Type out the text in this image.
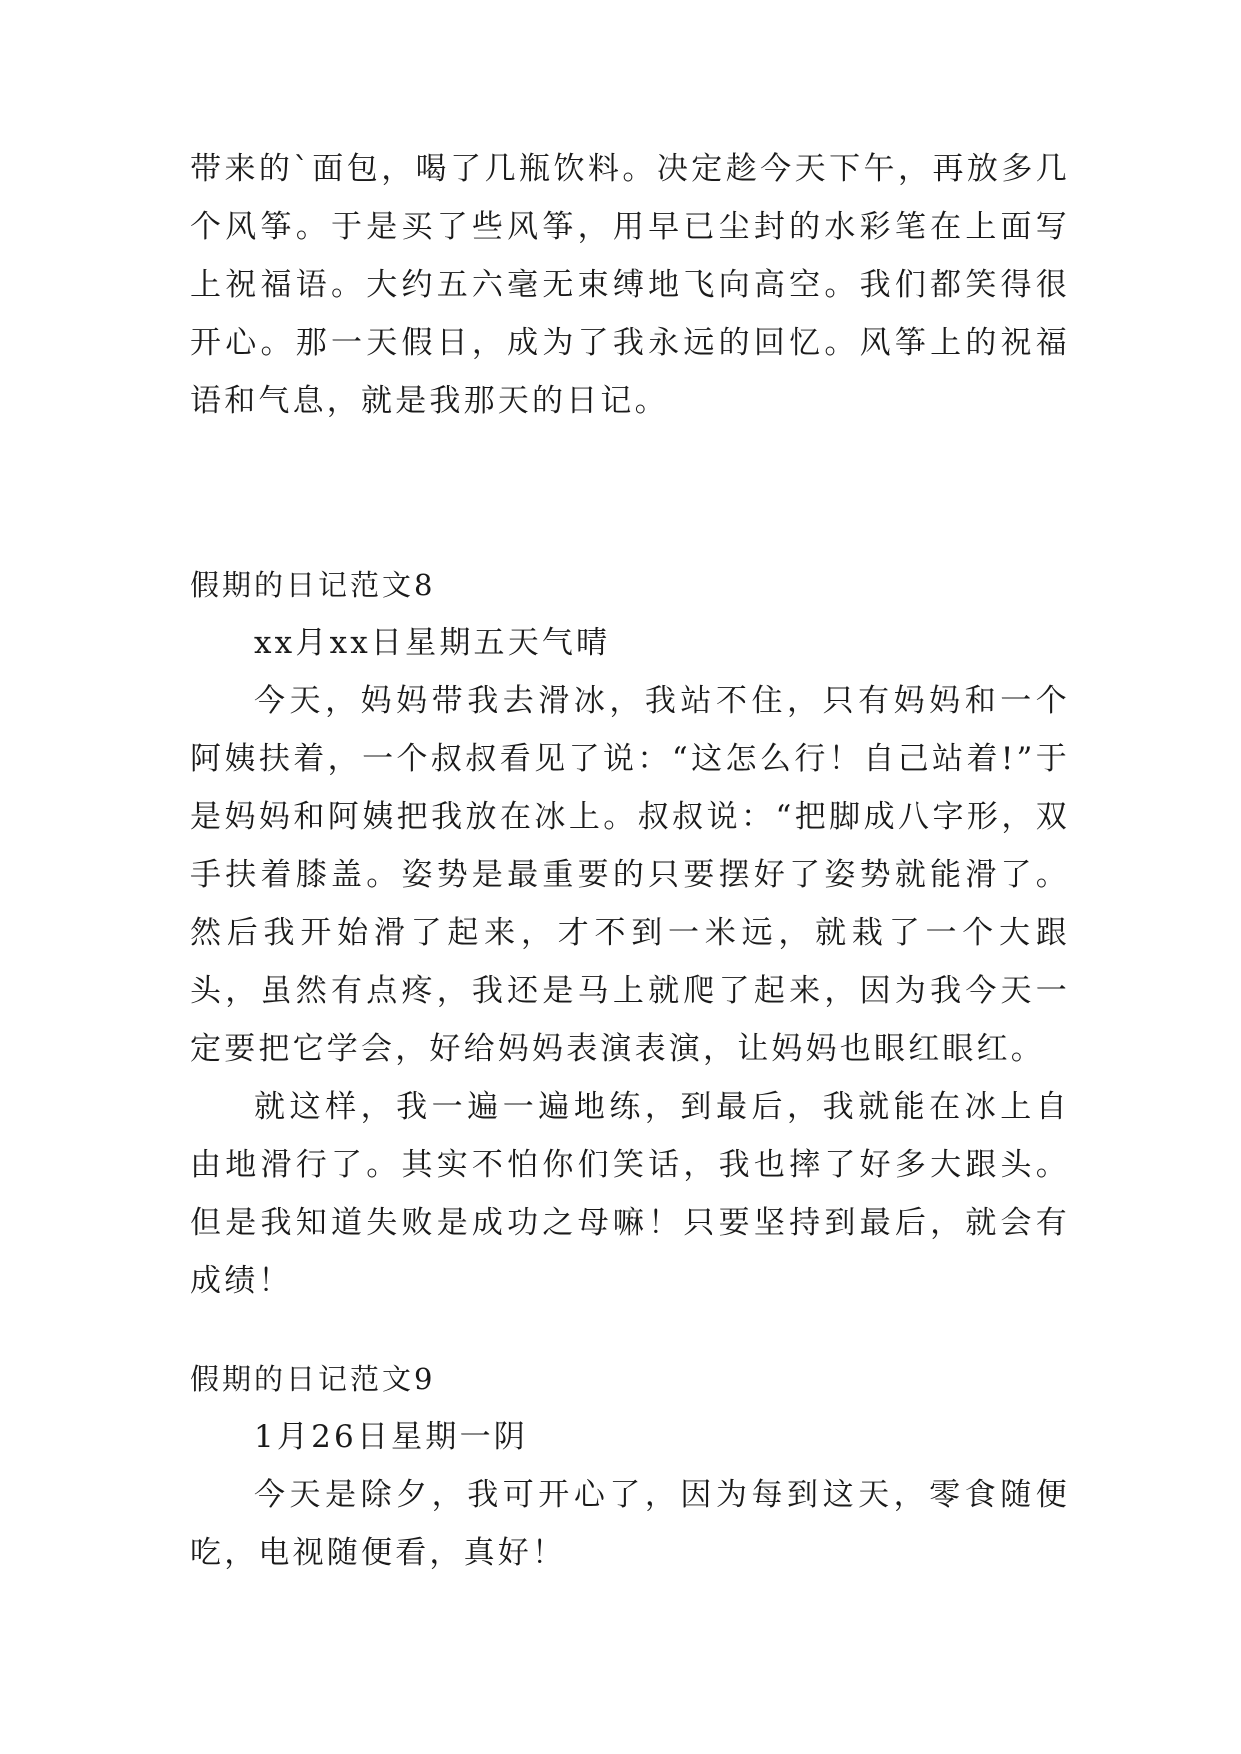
带来的`面包，喝了几瓶饮料。决定趁今天下午，再放多几个风筝。于是买了些风筝，用早已尘封的水彩笔在上面写上祝福语。大约五六毫无束缚地飞向高空。我们都笑得很开心。那一天假日，成为了我永远的回忆。风筝上的祝福语和气息，就是我那天的日记。

假期的日记范文8

xx月xx日星期五天气晴

今天，妈妈带我去滑冰，我站不住，只有妈妈和一个阿姨扶着，一个叔叔看见了说：“这怎么行！自己站着!”于是妈妈和阿姨把我放在冰上。叔叔说：“把脚成八字形，双手扶着膝盖。姿势是最重要的只要摆好了姿势就能滑了。然后我开始滑了起来，才不到一米远，就栽了一个大跟头，虽然有点疼，我还是马上就爬了起来，因为我今天一定要把它学会，好给妈妈表演表演，让妈妈也眼红眼红。

就这样，我一遍一遍地练，到最后，我就能在冰上自由地滑行了。其实不怕你们笑话，我也摔了好多大跟头。但是我知道失败是成功之母嘛！只要坚持到最后，就会有成绩！

假期的日记范文9

1月26日星期一阴

今天是除夕，我可开心了，因为每到这天，零食随便吃，电视随便看，真好！
